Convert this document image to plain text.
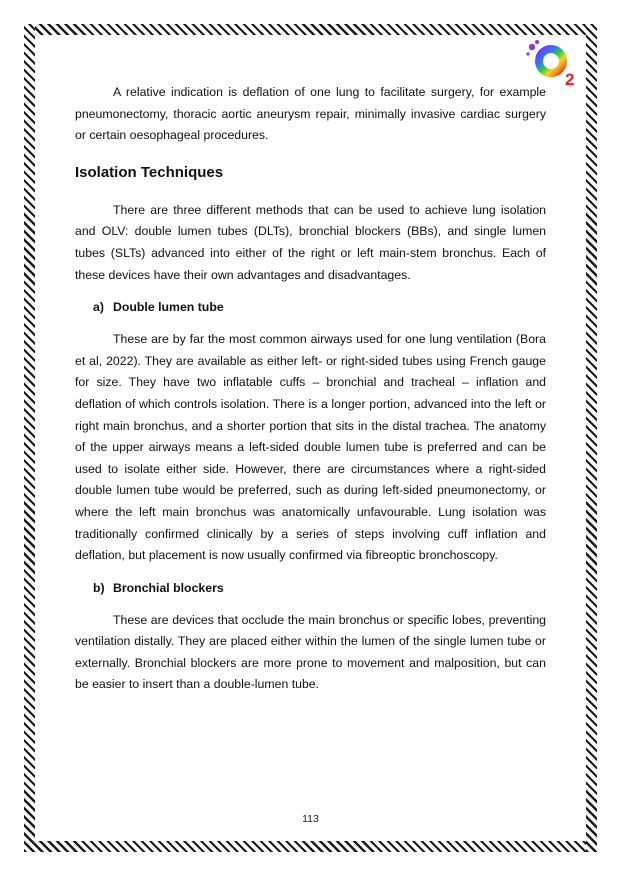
2

A relative indication is deflation of one lung to facilitate surgery, for example pneumonectomy, thoracic aortic aneurysm repair, minimally invasive cardiac surgery or certain oesophageal procedures.

Isolation Techniques

There are three different methods that can be used to achieve lung isolation and OLV: double lumen tubes (DLTs), bronchial blockers (BBs), and single lumen tubes (SLTs) advanced into either of the right or left main-stem bronchus. Each of these devices have their own advantages and disadvantages.

a) Double lumen tube

These are by far the most common airways used for one lung ventilation (Bora et al, 2022). They are available as either left- or right-sided tubes using French gauge for size. They have two inflatable cuffs – bronchial and tracheal – inflation and deflation of which controls isolation. There is a longer portion, advanced into the left or right main bronchus, and a shorter portion that sits in the distal trachea. The anatomy of the upper airways means a left-sided double lumen tube is preferred and can be used to isolate either side. However, there are circumstances where a right-sided double lumen tube would be preferred, such as during left-sided pneumonectomy, or where the left main bronchus was anatomically unfavourable. Lung isolation was traditionally confirmed clinically by a series of steps involving cuff inflation and deflation, but placement is now usually confirmed via fibreoptic bronchoscopy.

b) Bronchial blockers

These are devices that occlude the main bronchus or specific lobes, preventing ventilation distally. They are placed either within the lumen of the single lumen tube or externally. Bronchial blockers are more prone to movement and malposition, but can be easier to insert than a double-lumen tube.

113
